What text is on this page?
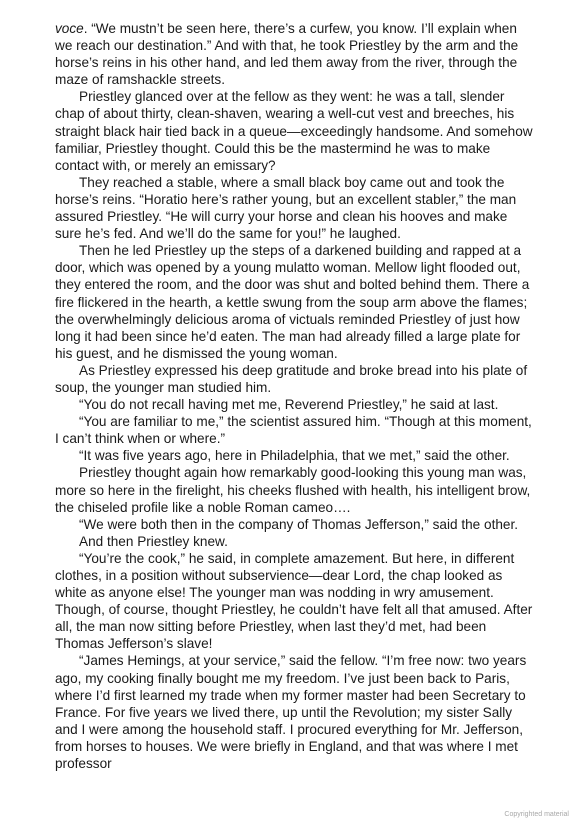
voce. “We mustn’t be seen here, there’s a curfew, you know. I’ll explain when we reach our destination.” And with that, he took Priestley by the arm and the horse’s reins in his other hand, and led them away from the river, through the maze of ramshackle streets.

Priestley glanced over at the fellow as they went: he was a tall, slender chap of about thirty, clean-shaven, wearing a well-cut vest and breeches, his straight black hair tied back in a queue—exceedingly handsome. And somehow familiar, Priestley thought. Could this be the mastermind he was to make contact with, or merely an emissary?

They reached a stable, where a small black boy came out and took the horse’s reins. “Horatio here’s rather young, but an excellent stabler,” the man assured Priestley. “He will curry your horse and clean his hooves and make sure he’s fed. And we’ll do the same for you!” he laughed.

Then he led Priestley up the steps of a darkened building and rapped at a door, which was opened by a young mulatto woman. Mellow light flooded out, they entered the room, and the door was shut and bolted behind them. There a fire flickered in the hearth, a kettle swung from the soup arm above the flames; the overwhelmingly delicious aroma of victuals reminded Priestley of just how long it had been since he’d eaten. The man had already filled a large plate for his guest, and he dismissed the young woman.

As Priestley expressed his deep gratitude and broke bread into his plate of soup, the younger man studied him.

“You do not recall having met me, Reverend Priestley,” he said at last.

“You are familiar to me,” the scientist assured him. “Though at this moment, I can’t think when or where.”

“It was five years ago, here in Philadelphia, that we met,” said the other.

Priestley thought again how remarkably good-looking this young man was, more so here in the firelight, his cheeks flushed with health, his intelligent brow, the chiseled profile like a noble Roman cameo….

“We were both then in the company of Thomas Jefferson,” said the other.

And then Priestley knew.

“You’re the cook,” he said, in complete amazement. But here, in different clothes, in a position without subservience—dear Lord, the chap looked as white as anyone else! The younger man was nodding in wry amusement. Though, of course, thought Priestley, he couldn’t have felt all that amused. After all, the man now sitting before Priestley, when last they’d met, had been Thomas Jefferson’s slave!

“James Hemings, at your service,” said the fellow. “I’m free now: two years ago, my cooking finally bought me my freedom. I’ve just been back to Paris, where I’d first learned my trade when my former master had been Secretary to France. For five years we lived there, up until the Revolution; my sister Sally and I were among the household staff. I procured everything for Mr. Jefferson, from horses to houses. We were briefly in England, and that was where I met professor

Copyrighted material
